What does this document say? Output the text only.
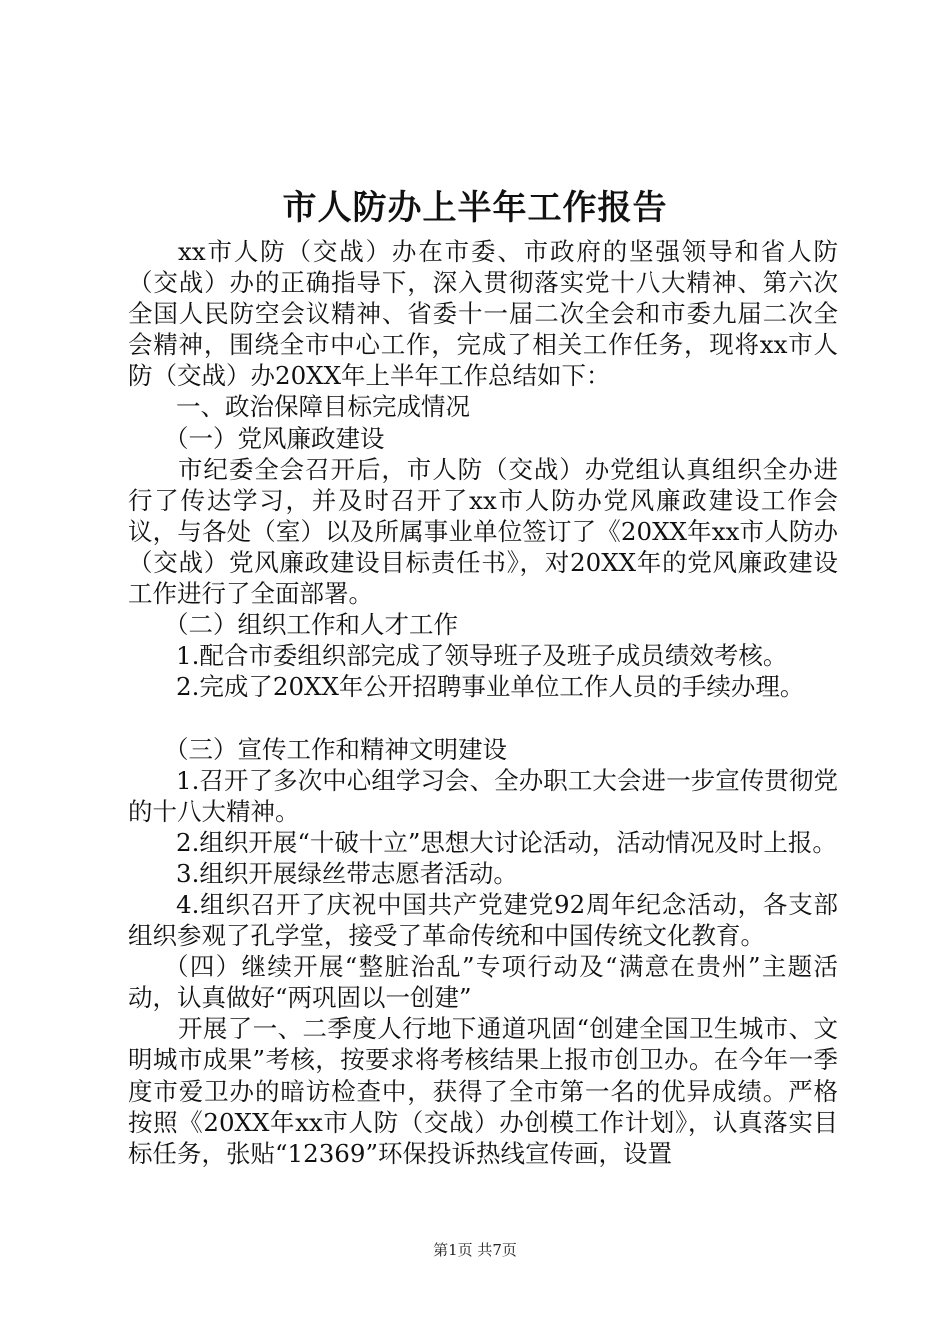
市人防办上半年工作报告

xx市人防（交战）办在市委、市政府的坚强领导和省人防（交战）办的正确指导下，深入贯彻落实党十八大精神、第六次全国人民防空会议精神、省委十一届二次全会和市委九届二次全会精神，围绕全市中心工作，完成了相关工作任务，现将xx市人防（交战）办20XX年上半年工作总结如下：

一、政治保障目标完成情况

（一）党风廉政建设

市纪委全会召开后，市人防（交战）办党组认真组织全办进行了传达学习，并及时召开了xx市人防办党风廉政建设工作会议，与各处（室）以及所属事业单位签订了《20XX年xx市人防办（交战）党风廉政建设目标责任书》，对20XX年的党风廉政建设工作进行了全面部署。

（二）组织工作和人才工作

1.配合市委组织部完成了领导班子及班子成员绩效考核。

2.完成了20XX年公开招聘事业单位工作人员的手续办理。

（三）宣传工作和精神文明建设

1.召开了多次中心组学习会、全办职工大会进一步宣传贯彻党的十八大精神。

2.组织开展“十破十立”思想大讨论活动，活动情况及时上报。

3.组织开展绿丝带志愿者活动。

4.组织召开了庆祝中国共产党建党92周年纪念活动，各支部组织参观了孔学堂，接受了革命传统和中国传统文化教育。

（四）继续开展“整脏治乱”专项行动及“满意在贵州”主题活动，认真做好“两巩固以一创建”

开展了一、二季度人行地下通道巩固“创建全国卫生城市、文明城市成果”考核，按要求将考核结果上报市创卫办。在今年一季度市爱卫办的暗访检查中，获得了全市第一名的优异成绩。严格按照《20XX年xx市人防（交战）办创模工作计划》，认真落实目标任务，张贴“12369”环保投诉热线宣传画，设置

第1页 共7页
